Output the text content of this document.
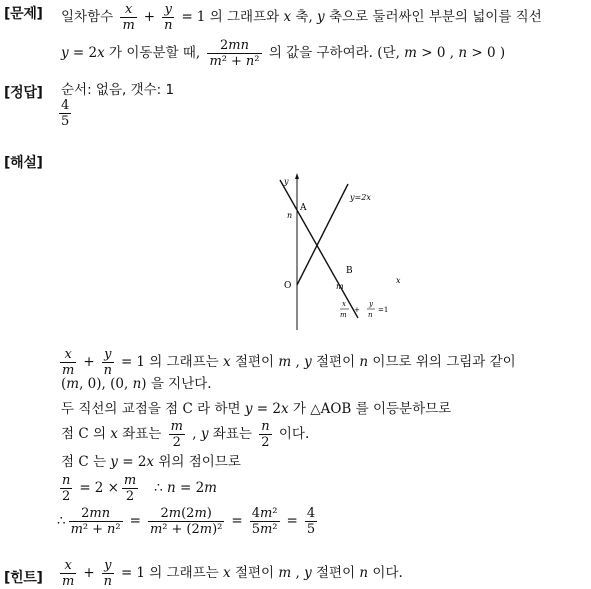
[문제] 일차함수 $\frac{x}{m} + \frac{y}{n} = 1$ 의 그래프와 x 축, y 축으로 둘러싸인 부분의 넓이를 직선
y = 2x 가 이동분할 때, $\frac{2mn}{\text{m² + n²}}$ 의 값을 구하여라. (단, m > 0 , n > 0 )
[정답] 순서: 없음, 갯수: 1
$\frac{4}{5}$
[해설]
y
y=2x
A
n
B
O	m
x
x
m
+
y
n
=1
$\frac{x}{m} + \frac{y}{n} = 1$ 의 그래프는 x 절편이 m , y 절편이 n 이므로 위의 그림과 같이
(m, 0), (0, n) 을 지난다.
두 직선의 교점을 점 C 라 하면 y = 2x 가 △AOB 를 이등분하므로
점 C 의 x 좌표는 $\frac{m}{2}$ , y 좌표는 $\frac{n}{2}$ 이다.
점 C 는 y = 2x 위의 점이므로
$\frac{n}{2} = 2 \times \frac{m}{2}$ ∴ n = 2m
∴ $\frac{2mn}{\text{m² + n²}} = \frac{2m(2m)}{\text{m² + (2m)²}} = \frac{\text{4m²}}{\text{5m²}} = \frac{4}{5}$
[힌트] $\frac{x}{m} + \frac{y}{n} = 1$ 의 그래프는 x 절편이 m , y 절편이 n 이다.
